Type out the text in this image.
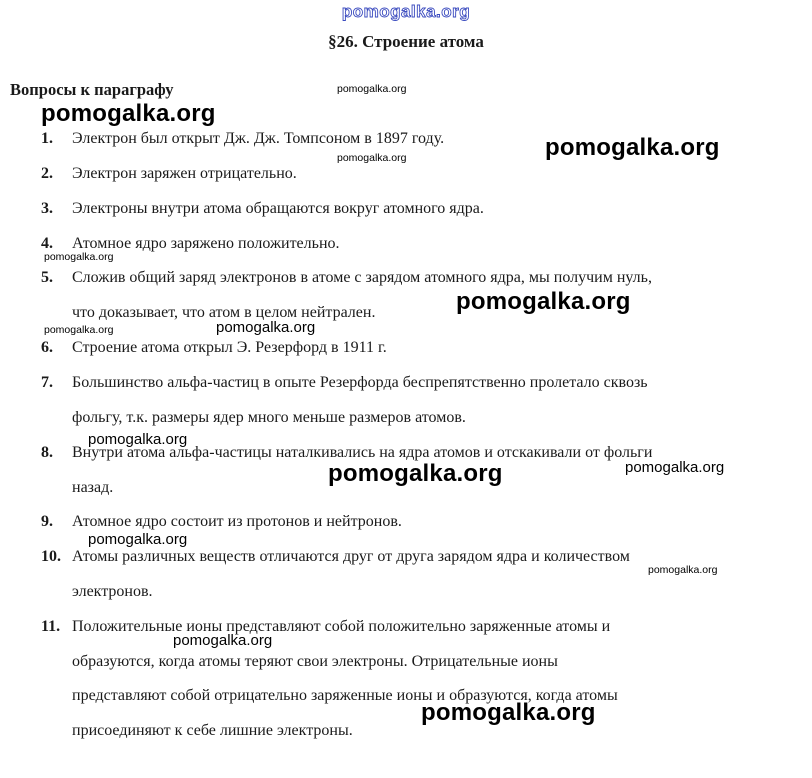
pomogalka.org
§26. Строение атома
Вопросы к параграфу
1. Электрон был открыт Дж. Дж. Томпсоном в 1897 году.
2. Электрон заряжен отрицательно.
3. Электроны внутри атома обращаются вокруг атомного ядра.
4. Атомное ядро заряжено положительно.
5. Сложив общий заряд электронов в атоме с зарядом атомного ядра, мы получим нуль,
что доказывает, что атом в целом нейтрален.
6. Строение атома открыл Э. Резерфорд в 1911 г.
7. Большинство альфа-частиц в опыте Резерфорда беспрепятственно пролетало сквозь
фольгу, т.к. размеры ядер много меньше размеров атомов.
8. Внутри атома альфа-частицы наталкивались на ядра атомов и отскакивали от фольги
назад.
9. Атомное ядро состоит из протонов и нейтронов.
10. Атомы различных веществ отличаются друг от друга зарядом ядра и количеством
электронов.
11. Положительные ионы представляют собой положительно заряженные атомы и
образуются, когда атомы теряют свои электроны. Отрицательные ионы
представляют собой отрицательно заряженные ионы и образуются, когда атомы
присоединяют к себе лишние электроны.
pomogalka.org
pomogalka.org
pomogalka.org
pomogalka.org
pomogalka.org
pomogalka.org
pomogalka.org	pomogalka.org
pomogalka.org
pomogalka.org	pomogalka.org
pomogalka.org
pomogalka.org
pomogalka.org
pomogalka.org
